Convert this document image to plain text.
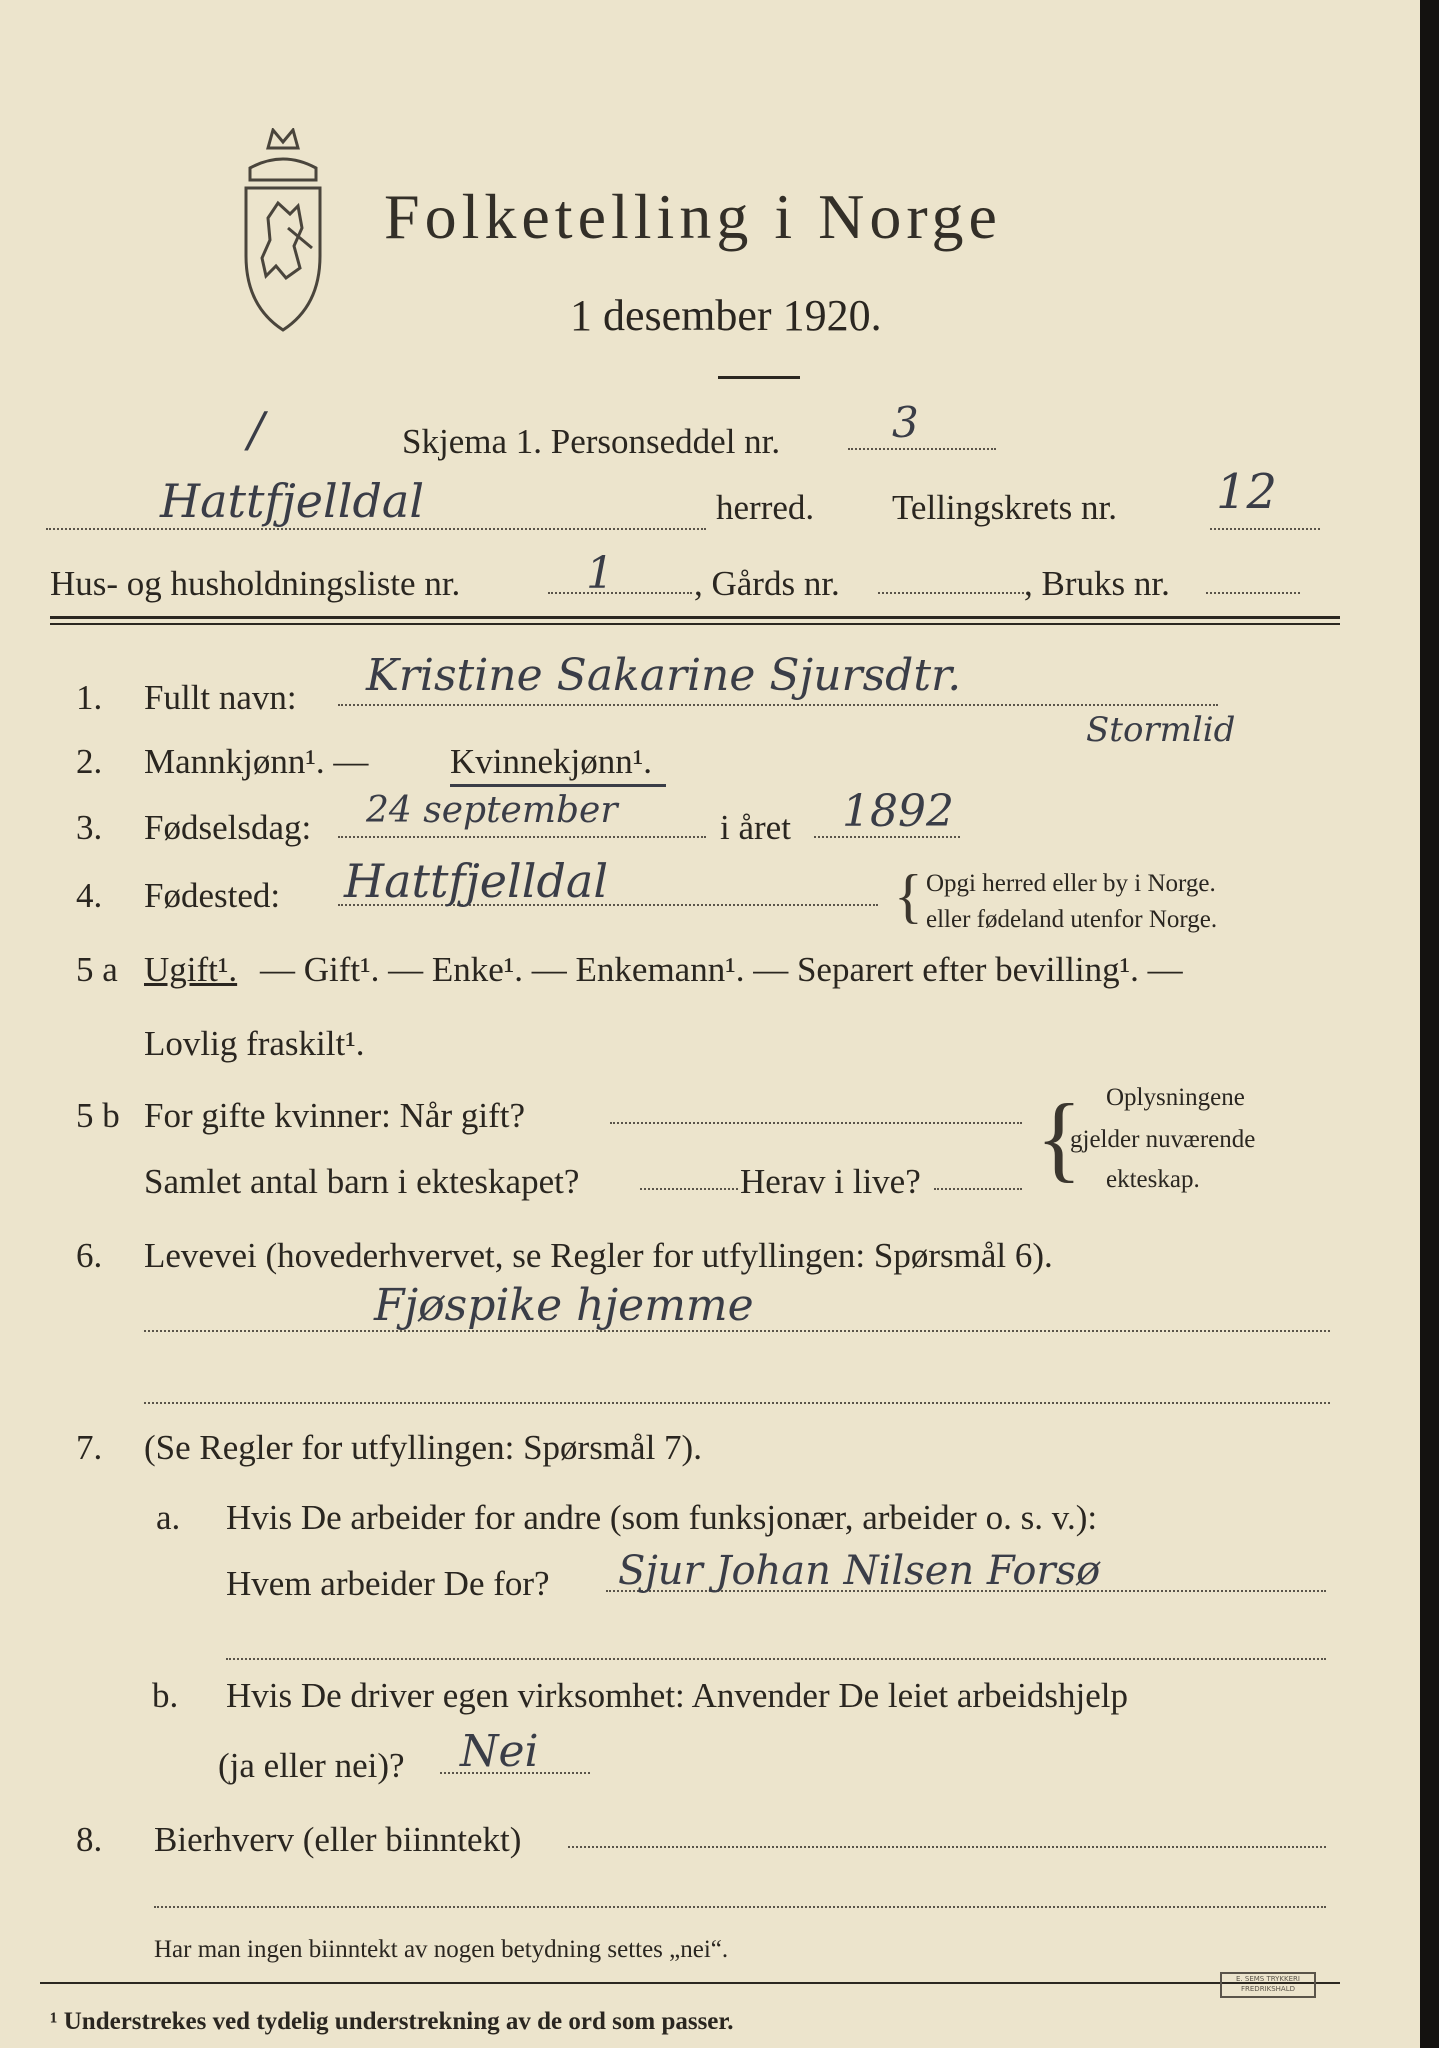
Folketelling i Norge
1 desember 1920.
Skjema 1. Personseddel nr.	3
/
Hattfjelldal	herred. Tellingskrets nr. 12
Hus- og husholdningsliste nr.	1 , Gårds nr.	, Bruks nr.
1. Fullt navn: Kristine Sakarine Sjursdtr.
Stormlid
2. Mannkjønn¹. — Kvinnekjønn¹.
3. Fødselsdag: 24 september	i året 1892
4. Fødested: Hattfjelldal	{ Opgi herred eller by i Norge.
eller fødeland utenfor Norge.
5 a Ugift¹. — Gift¹. — Enke¹. — Enkemann¹. — Separert efter bevilling¹. —
Lovlig fraskilt¹.
5 b For gifte kvinner: Når gift?
Samlet antal barn i ekteskapet?	Herav i live? { Oplysningene
gjelder nuværende
ekteskap.
6. Levevei (hovederhvervet, se Regler for utfyllingen: Spørsmål 6).
Fjøspike hjemme
7. (Se Regler for utfyllingen: Spørsmål 7).
a. Hvis De arbeider for andre (som funksjonær, arbeider o. s. v.):
Hvem arbeider De for? Sjur Johan Nilsen Forsø
b. Hvis De driver egen virksomhet: Anvender De leiet arbeidshjelp
(ja eller nei)? Nei
8. Bierhverv (eller biinntekt)
Har man ingen biinntekt av nogen betydning settes „nei“.
E. SEMS TRYKKERI FREDRIKSHALD
¹ Understrekes ved tydelig understrekning av de ord som passer.
